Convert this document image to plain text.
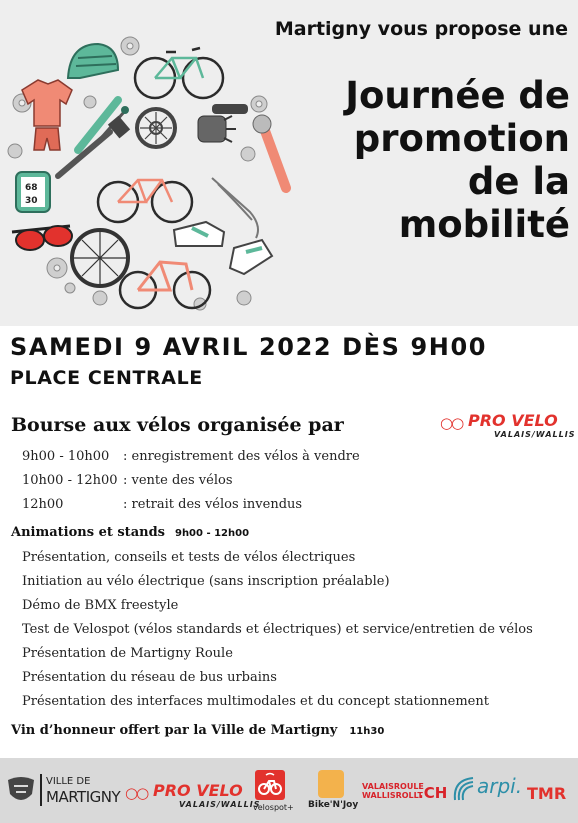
68
30
Martigny vous propose une
Journée de
promotion
de la
mobilité
SAMEDI 9 AVRIL 2022 DÈS 9H00
PLACE CENTRALE
Bourse aux vélos organisée par	○○ PRO VELO
VALAIS/WALLIS
9h00 - 10h00 : enregistrement des vélos à vendre
10h00 - 12h00 : vente des vélos
12h00	: retrait des vélos invendus
Animations et stands 9h00 - 12h00
Présentation, conseils et tests de vélos électriques
Initiation au vélo électrique (sans inscription préalable)
Démo de BMX freestyle
Test de Velospot (vélos standards et électriques) et service/entretien de vélos
Présentation de Martigny Roule
Présentation du réseau de bus urbains
Présentation des interfaces multimodales et du concept stationnement
Vin d’honneur offert par la Ville de Martigny 11h30
VILLE DE
MARTIGNY ○○ PRO VELO
VALAIS/WALLIS
velospot+ Bike'N'Joy
VALAISROULE
WALLISROLLT
.CH arpi. TMR
